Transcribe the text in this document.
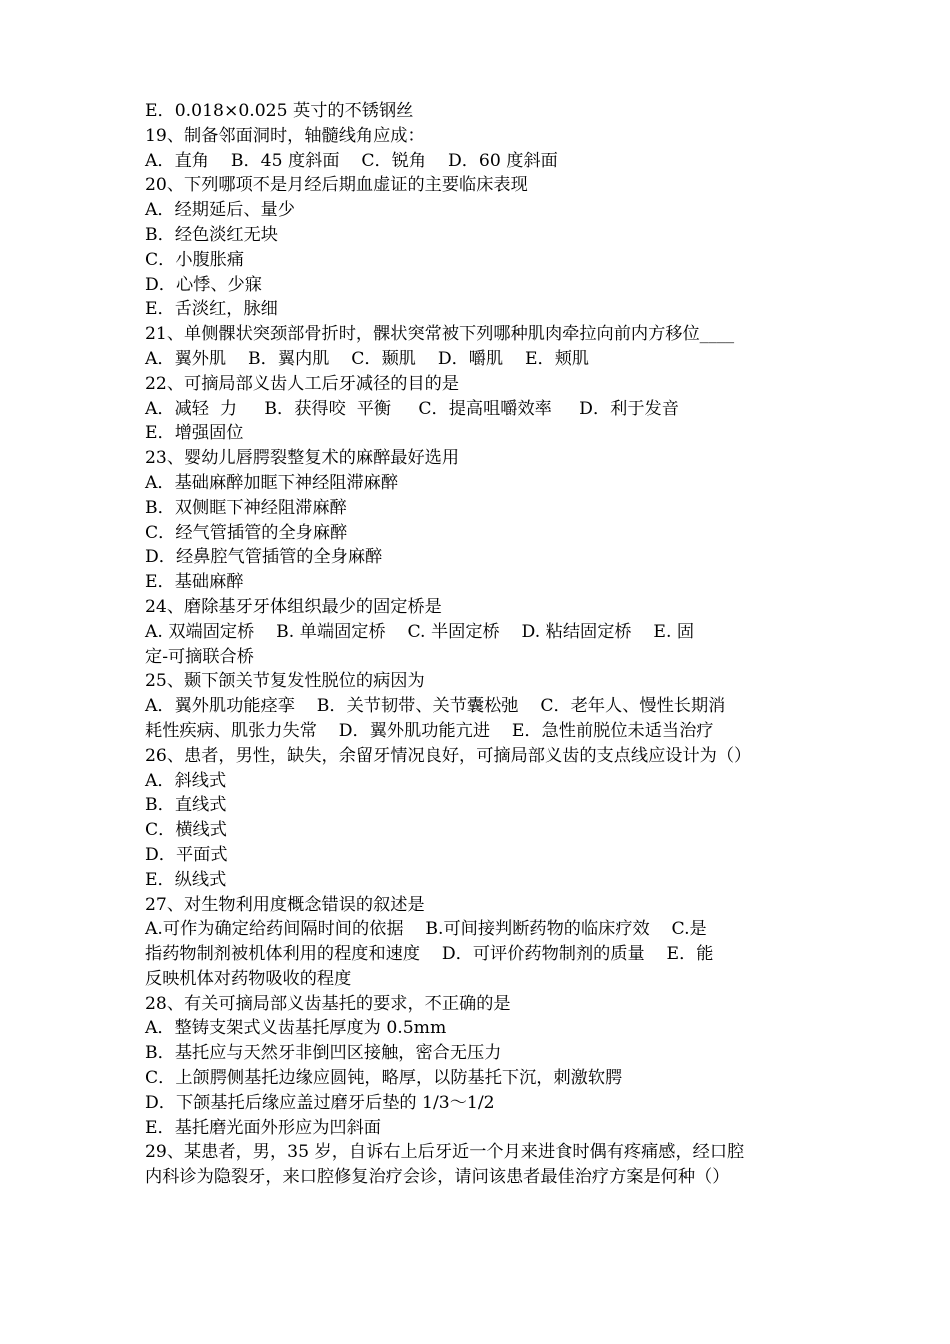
E．0.018×0.025 英寸的不锈钢丝
19、制备邻面洞时，轴髓线角应成：
A．直角    B．45 度斜面    C．锐角    D．60 度斜面
20、下列哪项不是月经后期血虚证的主要临床表现
A．经期延后、量少
B．经色淡红无块
C．小腹胀痛
D．心悸、少寐
E．舌淡红，脉细
21、单侧髁状突颈部骨折时，髁状突常被下列哪种肌肉牵拉向前内方移位____
A．翼外肌    B．翼内肌    C．颞肌    D．嚼肌    E．颊肌
22、可摘局部义齿人工后牙减径的目的是
A．减轻  力     B．获得咬  平衡     C．提高咀嚼效率     D．利于发音
E．增强固位
23、婴幼儿唇腭裂整复术的麻醉最好选用
A．基础麻醉加眶下神经阻滞麻醉
B．双侧眶下神经阻滞麻醉
C．经气管插管的全身麻醉
D．经鼻腔气管插管的全身麻醉
E．基础麻醉
24、磨除基牙牙体组织最少的固定桥是
A. 双端固定桥    B. 单端固定桥    C. 半固定桥    D. 粘结固定桥    E. 固
定-可摘联合桥
25、颞下颌关节复发性脱位的病因为
A．翼外肌功能痉挛    B．关节韧带、关节囊松弛    C．老年人、慢性长期消
耗性疾病、肌张力失常    D．翼外肌功能亢进    E．急性前脱位未适当治疗
26、患者，男性，缺失，余留牙情况良好，可摘局部义齿的支点线应设计为（）
A．斜线式
B．直线式
C．横线式
D．平面式
E．纵线式
27、对生物利用度概念错误的叙述是
A.可作为确定给药间隔时间的依据    B.可间接判断药物的临床疗效    C.是
指药物制剂被机体利用的程度和速度    D．可评价药物制剂的质量    E．能
反映机体对药物吸收的程度
28、有关可摘局部义齿基托的要求，不正确的是
A．整铸支架式义齿基托厚度为 0.5mm
B．基托应与天然牙非倒凹区接触，密合无压力
C．上颌腭侧基托边缘应圆钝，略厚，以防基托下沉，刺激软腭
D．下颌基托后缘应盖过磨牙后垫的 1/3～1/2
E．基托磨光面外形应为凹斜面
29、某患者，男，35 岁，自诉右上后牙近一个月来进食时偶有疼痛感，经口腔
内科诊为隐裂牙，来口腔修复治疗会诊，请问该患者最佳治疗方案是何种（）
